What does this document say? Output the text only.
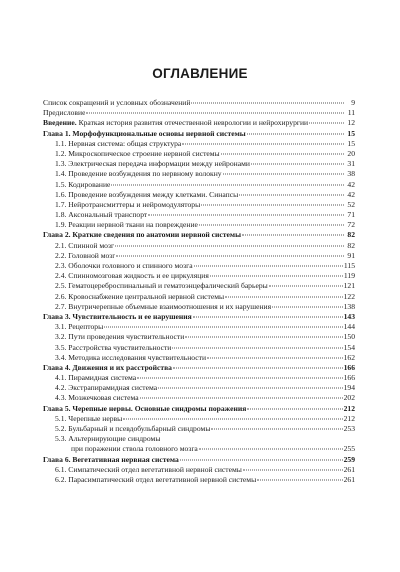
ОГЛАВЛЕНИЕ
Список сокращений и условных обозначений	9
Предисловие	11
Введение. Краткая история развития отечественной неврологии и нейрохирургии	12
Глава 1. Морфофункциональные основы нервной системы	15
1.1. Нервная система: общая структура	15
1.2. Микроскопическое строение нервной системы	20
1.3. Электрическая передача информации между нейронами	31
1.4. Проведение возбуждения по нервному волокну	38
1.5. Кодирование	42
1.6. Проведение возбуждения между клетками. Синапсы	42
1.7. Нейротрансмиттеры и нейромодуляторы	52
1.8. Аксональный транспорт	71
1.9. Реакции нервной ткани на повреждение	72
Глава 2. Краткие сведения по анатомии нервной системы	82
2.1. Спинной мозг	82
2.2. Головной мозг	91
2.3. Оболочки головного и спинного мозга	115
2.4. Спинномозговая жидкость и ее циркуляция	119
2.5. Гематоцереброспинальный и гематоэнцефалический барьеры	121
2.6. Кровоснабжение центральной нервной системы	122
2.7. Внутричерепные объемные взаимоотношения и их нарушения	138
Глава 3. Чувствительность и ее нарушения	143
3.1. Рецепторы	144
3.2. Пути проведения чувствительности	150
3.5. Расстройства чувствительности	154
3.4. Методика исследования чувствительности	162
Глава 4. Движения и их расстройства	166
4.1. Пирамидная система	166
4.2. Экстрапирамидная система	194
4.3. Мозжечковая система	202
Глава 5. Черепные нервы. Основные синдромы поражения	212
5.1. Черепные нервы	212
5.2. Бульбарный и псевдобульбарный синдромы	253
5.3. Альтернирующие синдромы
при поражении ствола головного мозга	255
Глава 6. Вегетативная нервная система	259
6.1. Симпатический отдел вегетативной нервной системы	261
6.2. Парасимпатический отдел вегетативной нервной системы	261
